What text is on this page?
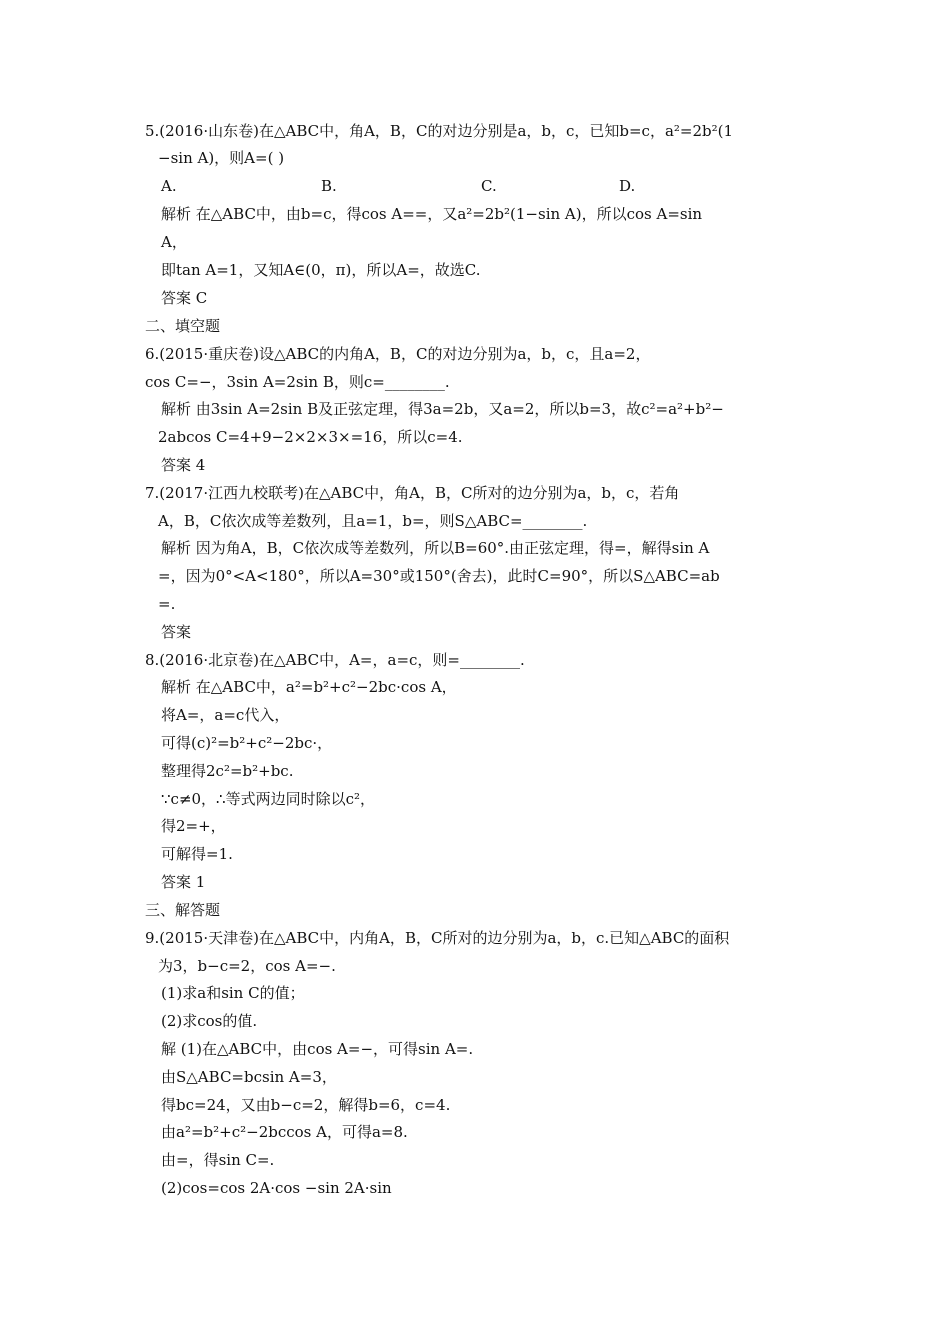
5.(2016·山东卷)在△ABC中，角A，B，C的对边分别是a，b，c，已知b=c，a²=2b²(1
−sin A)，则A=( )
A.	B.	C.	D.
解析 在△ABC中，由b=c，得cos A==，又a²=2b²(1−sin A)，所以cos A=sin
A，
即tan A=1，又知A∈(0，π)，所以A=，故选C.
答案 C
二、填空题
6.(2015·重庆卷)设△ABC的内角A，B，C的对边分别为a，b，c，且a=2，
cos C=−，3sin A=2sin B，则c=________.
解析 由3sin A=2sin B及正弦定理，得3a=2b，又a=2，所以b=3，故c²=a²+b²−
2abcos C=4+9−2×2×3×=16，所以c=4.
答案 4
7.(2017·江西九校联考)在△ABC中，角A，B，C所对的边分别为a，b，c，若角
A，B，C依次成等差数列，且a=1，b=，则S△ABC=________.
解析 因为角A，B，C依次成等差数列，所以B=60°.由正弦定理，得=，解得sin A
=，因为0°<A<180°，所以A=30°或150°(舍去)，此时C=90°，所以S△ABC=ab
=.
答案
8.(2016·北京卷)在△ABC中，A=，a=c，则=________.
解析 在△ABC中，a²=b²+c²−2bc·cos A，
将A=，a=c代入，
可得(c)²=b²+c²−2bc·，
整理得2c²=b²+bc.
∵c≠0，∴等式两边同时除以c²，
得2=+，
可解得=1.
答案 1
三、解答题
9.(2015·天津卷)在△ABC中，内角A，B，C所对的边分别为a，b，c.已知△ABC的面积
为3，b−c=2，cos A=−.
(1)求a和sin C的值；
(2)求cos的值.
解 (1)在△ABC中，由cos A=−，可得sin A=.
由S△ABC=bcsin A=3，
得bc=24，又由b−c=2，解得b=6，c=4.
由a²=b²+c²−2bccos A，可得a=8.
由=，得sin C=.
(2)cos=cos 2A·cos −sin 2A·sin
